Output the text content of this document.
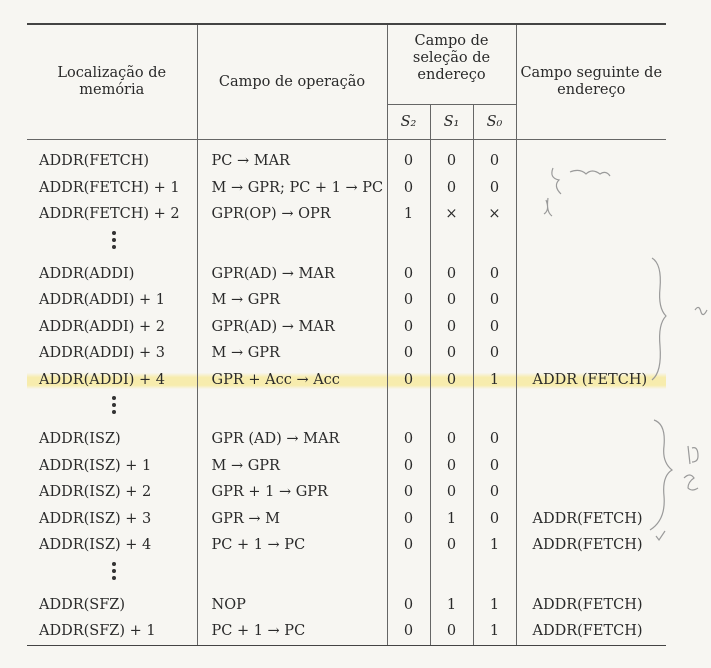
Localização de memória	Campo de operação	Campo de seleção de endereço			Campo seguinte de endereço
		S₂	S₁	S₀	
ADDR(FETCH)	PC → MAR	0	0	0	
ADDR(FETCH) + 1	M → GPR; PC + 1 → PC	0	0	0	
ADDR(FETCH) + 2	GPR(OP) → OPR	1	×	×	

ADDR(ADDI)	GPR(AD) → MAR	0	0	0	
ADDR(ADDI) + 1	M → GPR	0	0	0	
ADDR(ADDI) + 2	GPR(AD) → MAR	0	0	0	
ADDR(ADDI) + 3	M → GPR	0	0	0	
ADDR(ADDI) + 4	GPR + Acc → Acc	0	0	1	ADDR (FETCH)

ADDR(ISZ)	GPR (AD) → MAR	0	0	0	
ADDR(ISZ) + 1	M → GPR	0	0	0	
ADDR(ISZ) + 2	GPR + 1 → GPR	0	0	0	
ADDR(ISZ) + 3	GPR → M	0	1	0	ADDR(FETCH)
ADDR(ISZ) + 4	PC + 1 → PC	0	0	1	ADDR(FETCH)

ADDR(SFZ)	NOP	0	1	1	ADDR(FETCH)
ADDR(SFZ) + 1	PC + 1 → PC	0	0	1	ADDR(FETCH)
